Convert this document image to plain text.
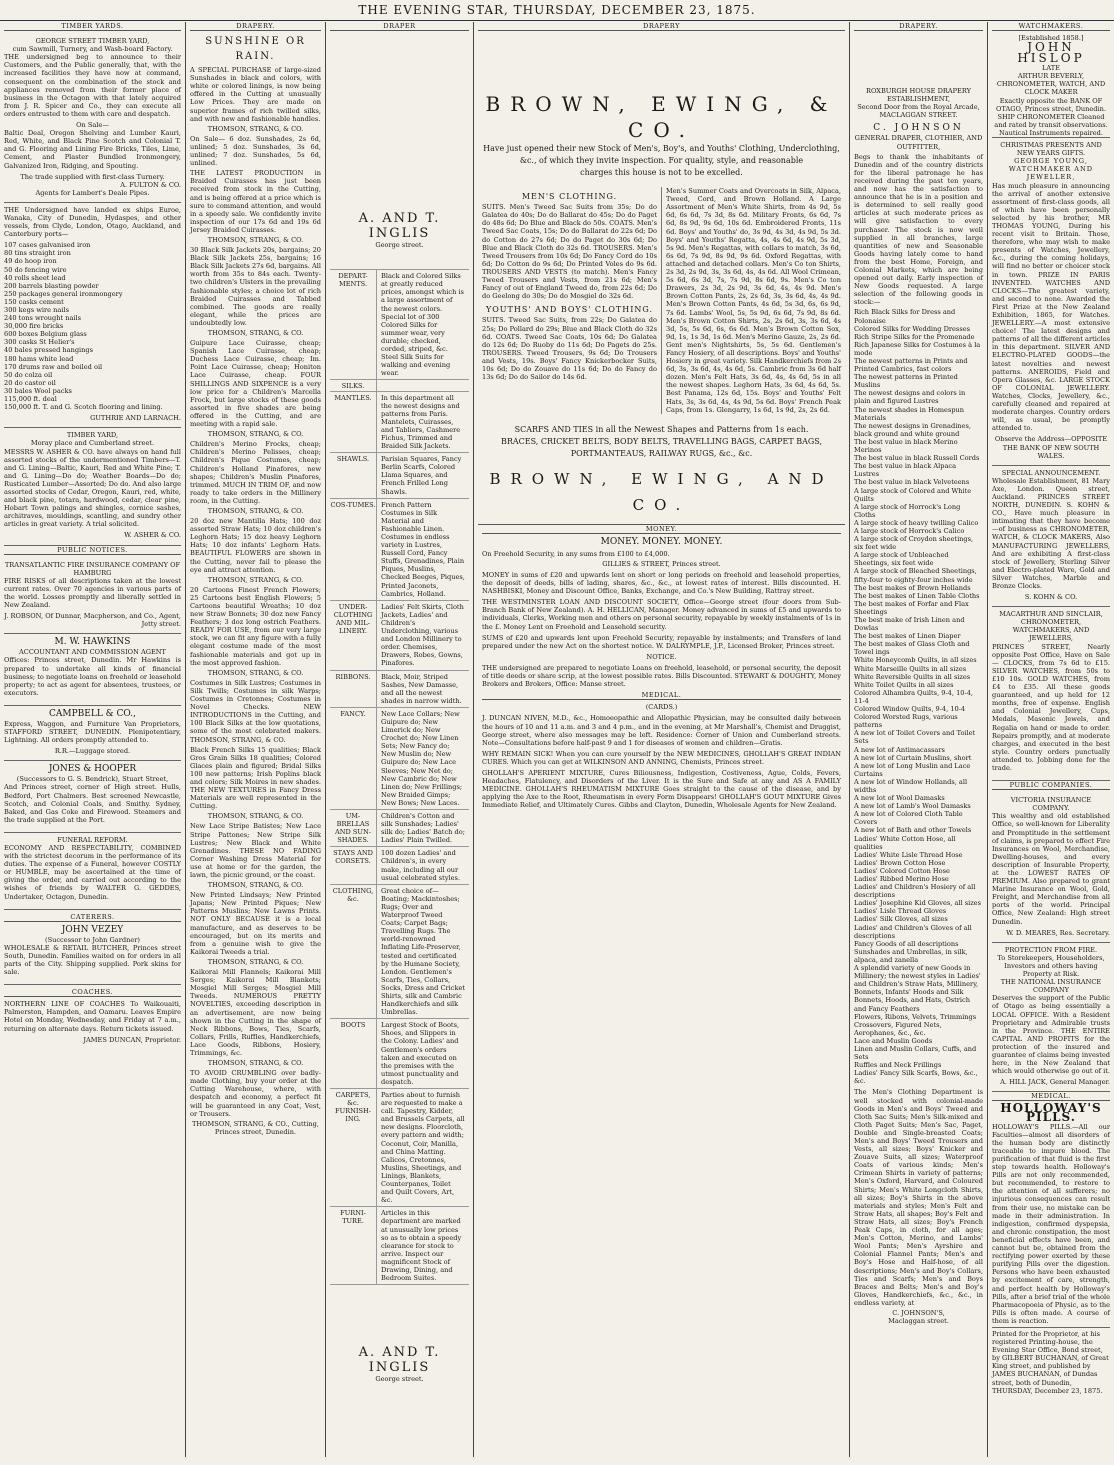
THE EVENING STAR, THURSDAY, DECEMBER 23, 1875.
TIMBER YARDS.
GEORGE STREET TIMBER YARD,
cum Sawmill, Turnery, and Wash-board Factory.

THE undersigned beg to announce to their Customers, and the Public generally, that, with the increased facilities they have now at command, consequent on the combination of the stock and appliances removed from their former place of business in the Octagon with that lately acquired from J. R. Spicer and Co., they can execute all orders entrusted to them with care and despatch.

On Sale—

Baltic Deal, Oregon Shelving and Lumber Kauri, Red, White, and Black Pine Scotch and Colonial T. and G. Flooring and Lining Fire Bricks, Tiles, Lime, Cement, and Plaster Bundled Ironmongery, Galvanized Iron, Ridging, and Spouting.

The trade supplied with first-class Turnery.
A. FULTON & CO.
Agents for Lambert's Deale Pipes.

THE Undersigned have landed ex ships Euroe, Wanaka, City of Dunedin, Hydaspes, and other vessels, from Clyde, London, Otago, Auckland, and Canterbury ports—

107 cases galvanised iron
80 tins straight iron
49 do hoop iron
50 do fencing wire
40 rolls sheet lead
200 barrels blasting powder
250 packages general ironmongery
150 casks cement
300 kegs wire nails
240 tons wrought nails
30,000 fire bricks
600 boxes Belgium glass
300 casks St Helier's
40 bales pressed hangings
180 hams white lead
170 drums raw and boiled oil
50 do colza oil
20 do castor oil
30 bales Wool packs
115,000 ft. deal
150,000 ft. T. and G. Scotch flooring and lining.
GUTHRIE AND LARNACH.
TIMBER YARD,
Moray place and Cumberland street.

MESSRS W. ASHER & CO. have always on hand full assorted stocks of the undermentioned Timbers—T. and G. Lining—Baltic, Kauri, Red and White Pine; T. and G. Lining—Do do; Weather Boards—Do do; Rusticated Lumber—Assorted; Do do. And also large assorted stocks of Cedar, Oregon, Kauri, red, white, and black pine, totara, hardwood, cedar, clear pine, Hobart Town palings and shingles, cornice sashes, architraves, mouldings, scantling, and sundry other articles in great variety. A trial solicited.

W. ASHER & CO.
PUBLIC NOTICES.
TRANSATLANTIC FIRE INSURANCE COMPANY OF HAMBURG

FIRE RISKS of all descriptions taken at the lowest current rates. Over 70 agencies in various parts of the world. Losses promptly and liberally settled in New Zealand.

J. ROBSON, Of Dunnar, Macpherson, and Co., Agent, Jetty street.
M. W. HAWKINS
ACCOUNTANT AND COMMISSION AGENT

Offices: Princes street, Dunedin. Mr Hawkins is prepared to undertake all kinds of financial business; to negotiate loans on freehold or leasehold property; to act as agent for absentees, trustees, or executors.

CAMPBELL & CO.,

Express, Waggon, and Furniture Van Proprietors, STAFFORD STREET, DUNEDIN. Plenipotentiary, Lightning. All orders promptly attended to.

R.R.—Luggage stored.
JONES & HOOPER
(Successors to G. S. Bendrick), Stuart Street,

And Princes street, corner of High street. Hulls, Bedford, Port Chalmers. Best screened Newcastle, Scotch, and Colonial Coals, and Smithy. Sydney, Baked, and Gas Coke and Firewood. Steamers and the trade supplied at the Port.

FUNERAL REFORM.

ECONOMY AND RESPECTABILITY, COMBINED with the strictest decorum in the performance of its duties. The expense of a Funeral, however COSTLY or HUMBLE, may be ascertained at the time of giving the order, and carried out according to the wishes of friends by WALTER G. GEDDES, Undertaker, Octagon, Dunedin.

CATERERS.
JOHN VEZEY
(Successor to John Gardner)

WHOLESALE & RETAIL BUTCHER, Princes street South, Dunedin. Families waited on for orders in all parts of the City. Shipping supplied. Pork skins for sale.

COACHES.

NORTHERN LINE OF COACHES To Waikouaiti, Palmerston, Hampden, and Oamaru. Leaves Empire Hotel on Monday, Wednesday, and Friday at 7 a.m., returning on alternate days. Return tickets issued.

JAMES DUNCAN, Proprietor.
DRAPERY.
SUNSHINE OR RAIN.

A SPECIAL PURCHASE of large-sized Sunshades in black and colors, with white or colored linings, is now being offered in the Cutting at unusually Low Prices. They are made on superior frames of rich twilled silks, and with new and fashionable handles.

THOMSON, STRANG, & CO.

On Sale— 6 doz. Sunshades, 2s 6d, unlined; 5 doz. Sunshades, 3s 6d, unlined; 7 doz. Sunshades, 5s 6d, unlined.

THE LATEST PRODUCTION in Braided Cuirasses has just been received from stock in the Cutting, and is being offered at a price which is sure to command attention, and would in a speedy sale. We confidently invite inspection of our 17s 6d and 19s 6d Jersey Braided Cuirasses.

THOMSON, STRANG, & CO.

30 Black Silk Jackets 20s, bargains; 20 Black Silk Jackets 25s, bargains; 16 Black Silk Jackets 27s 6d, bargains. All worth from 35s to 84s each. Twenty-two children's Ulsters in the prevailing fashionable styles; a choice lot of rich Braided Cuirasses and Tabbed combined. The goods are really elegant, while the prices are undoubtedly low.

THOMSON, STRANG, & CO.

Guipure Lace Cuirasse, cheap; Spanish Lace Cuirasse, cheap; Duchess Lace Cuirasse, cheap; Im. Point Lace Cuirasse, cheap; Honiton Lace Cuirasse, cheap. FOUR SHILLINGS AND SIXPENCE is a very low price for a Children's Marcella Frock, but large stocks of these goods assorted in five shades are being offered in the Cutting, and are meeting with a rapid sale.

THOMSON, STRANG, & CO.

Children's Merino Frocks, cheap; Children's Merino Pelisses, cheap; Children's Pique Costumes, cheap; Children's Holland Pinafores, new shapes; Children's Muslin Pinafores, trimmed. MUCH IN TRIM OF, and now ready to take orders in the Millinery room, in the Cutting.

THOMSON, STRANG, & CO.

20 doz new Mantilla Hats; 100 doz assorted Straw Hats; 10 doz children's Leghorn Hats; 15 doz heavy Leghorn Hats; 10 doz infants' Leghorn Hats. BEAUTIFUL FLOWERS are shown in the Cutting, never fail to please the eye and attract attention.

THOMSON, STRANG, & CO.

20 Cartoons Finest French Flowers; 25 Cartoons best English Flowers; 5 Cartoons beautiful Wreaths; 10 doz new Straw Bonnets; 30 doz new Fancy Feathers; 3 doz long ostrich Feathers. READY FOR USE, from our very large stock, we can fit any figure with a fully elegant costume made of the most fashionable materials and got up in the most approved fashion.

THOMSON, STRANG, & CO.

Costumes in Silk Lustres; Costumes in Silk Twills; Costumes in silk Warps; Costumes in Cretonnes; Costumes in Novel Checks. NEW INTRODUCTIONS in the Cutting, and 100 Black Silks at the low quotations, some of the most celebrated makers. THOMSON, STRANG, & CO.

Black French Silks 15 qualities; Black Gros Grain Silks 18 qualities; Colored Glaces plain and figured; Bridal Silks 100 new patterns; Irish Poplins black and colors; Silk Moires in new shades. THE NEW TEXTURES in Fancy Dress Materials are well represented in the Cutting.

THOMSON, STRANG, & CO.

New Lace Stripe Batistes; New Lace Stripe Pattones; New Stripe Silk Lustres; New Black and White Grenadines. THESE NO FADING Corner Washing Dress Material for use at home or for the garden, the lawn, the picnic ground, or the coast.

THOMSON, STRANG, & CO.

New Printed Lindsays; New Printed Japans; New Printed Piques; New Patterns Muslins; New Lawns Prints. NOT ONLY BECAUSE it is a local manufacture, and as deserves to be encouraged, but on its merits and from a genuine wish to give the Kaikorai Tweeds a trial.

THOMSON, STRANG, & CO.

Kaikorai Mill Flannels; Kaikorai Mill Serges; Kaikorai Mill Blankets; Mosgiel Mill Serges; Mosgiel Mill Tweeds. NUMEROUS PRETTY NOVELTIES, exceeding description in an advertisement, are now being shown in the Cutting in the shape of Neck Ribbons, Bows, Ties, Scarfs, Collars, Frills, Ruffles, Handkerchiefs, Lace Goods, Ribbons, Hosiery, Trimmings, &c.

THOMSON, STRANG, & CO.

TO AVOID CRUMBLING over badly-made Clothing, buy your order at the Cutting Warehouse, where, with despatch and economy, a perfect fit will be guaranteed in any Coat, Vest, or Trousers.

THOMSON, STRANG, & CO., Cutting, Princes street, Dunedin.
DRAPER
A. AND T. INGLIS
George street.
DEPART-MENTS.
Black and Colored Silks at greatly reduced prices, amongst which is a large assortment of the newest colors. Special lot of 300 Colored Silks for summer wear, very durable; checked, corded, striped, &c. Steel Silk Suits for walking and evening wear.
SILKS.
MANTLES.	In this department all the newest designs and patterns from Paris. Mantelets, Cuirasses, and Tabliers, Cashmere Fichus, Trimmed and Braided Silk Jackets.
SHAWLS.	Parisian Squares, Fancy Berlin Scarfs, Colored Llama Squares, and French Frilled Long Shawls.
COS-TUMES. French Pattern Costumes in Silk Material and Fashionable Linen. Costumes in endless variety in Lustres, Russell Cord, Fancy Stuffs, Grenadines, Plain Piques, Muslins, Checked Beeges, Piques, Printed Jaconets, Cambrics, Holland.
UNDER-CLOTHING AND MIL-LINERY.
Ladies' Felt Skirts, Cloth Jackets, Ladies' and Children's Underclothing, various and London Millinery to order. Chemises, Drawers, Robes, Gowns, Pinafores.
RIBBONS.	Black, Moir, Striped Sashes, New Damasse, and all the newest shades in narrow width.
FANCY.	New Lace Collars; New Guipure do; New Limerick do; New Crochet do; New Linen Sets; New Fancy do; New Muslin do; New Guipure do; New Lace Sleeves; New Net do; New Cambric do; New Linen do; New Frillings; New Braided Gimps; New Bows; New Laces.
UM-BRELLAS AND SUN-SHADES.
Children's Cotton and silk Sunshades; Ladies' silk do; Ladies' Batch do; Ladies' Plain Twilled.
STAYS AND CORSETS.
100 dozen Ladies' and Children's, in every make, including all our usual celebrated styles.
CLOTHING, &c.
Great choice of—Boating; Mackintoshes; Rugs; Over and Waterproof Tweed Coats; Carpet Bags; Travelling Rugs. The world-renowned Inflating Life-Preserver, tested and certificated by the Humane Society, London. Gentlemen's Scarfs, Ties, Collars, Socks, Dress and Cricket Shirts, silk and Cambric Handkerchiefs and silk Umbrellas.
BOOTS	Largest Stock of Boots, Shoes, and Slippers in the Colony. Ladies' and Gentlemen's orders taken and executed on the premises with the utmost punctuality and despatch.
CARPETS, &c. FURNISH-ING.
Parties about to furnish are requested to make a call. Tapestry, Kidder, and Brussels Carpets, all new designs. Floorcloth, every pattern and width; Coconut, Coir, Manilla, and China Matting. Calicos, Cretonnes, Muslins, Sheetings, and Linings, Blankets, Counterpanes, Toilet and Quilt Covers, Art, &c.
FURNI-TURE.
Articles in this department are marked at unusually low prices so as to obtain a speedy clearance for stock to arrive. Inspect our magnificent Stock of Drawing, Dining, and Bedroom Suites.
A. AND T. INGLIS
George street.
DRAPERY
BROWN, EWING, & CO.
Have just opened their new Stock of Men's, Boy's, and Youths' Clothing, Underclothing,
&c., of which they invite inspection. For quality, style, and reasonable
charges this house is not to be excelled.
MEN'S CLOTHING.

SUITS. Men's Tweed Sac Suits from 35s; Do do Galatea do 40s; Do do Ballarat do 45s; Do do Paget do 48s 6d; Do Blue and Black do 50s. COATS. Men's Tweed Sac Coats, 15s; Do do Ballarat do 22s 6d; Do do Cotton do 27s 6d; Do do Paget do 30s 6d; Do Blue and Black Cloth do 32s 6d. TROUSERS. Men's Tweed Trousers from 10s 6d; Do Fancy Cord do 10s 6d; Do Cotton do 9s 6d; Do Printed Voles do 9s 6d. TROUSERS AND VESTS (to match). Men's Fancy Tweed Trousers and Vests, from 21s 6d; Men's Fancy of out of England Tweed do, from 22s 6d; Do do Geelong do 30s; Do do Mosgiel do 32s 6d.

YOUTHS' AND BOYS' CLOTHING.

SUITS. Tweed Sac Suits, from 22s; Do Galatea do 25s; Do Pollard do 29s; Blue and Black Cloth do 32s 6d. COATS. Tweed Sac Coats, 10s 6d; Do Galatea do 12s 6d; Do Ruoby do 11s 6d; Do Pagets do 25s. TROUSERS. Tweed Trousers, 9s 6d; Do Trousers and Vests, 19s. Boys' Fancy Knickerbocker Suits, 10s 6d; Do do Zouave do 11s 6d; Do do Fancy do 13s 6d; Do do Sailor do 14s 6d.

Men's Summer Coats and Overcoats in Silk, Alpaca, Tweed, Cord, and Brown Holland. A Large Assortment of Men's White Shirts, from 4s 9d, 5s 6d, 6s 6d, 7s 3d, 8s 6d. Military Fronts, 6s 6d, 7s 6d, 8s 9d, 9s 6d, 10s 6d. Embroidered Fronts, 11s 6d. Boys' and Youths' do, 3s 9d, 4s 3d, 4s 9d, 5s 3d. Boys' and Youths' Regatta, 4s, 4s 6d, 4s 9d, 5s 3d, 5s 9d. Men's Regattas, with collars to match, 3s 6d, 6s 6d, 7s 9d, 8s 9d, 9s 6d. Oxford Regattas, with attached and detached collars. Men's Co ton Shirts, 2s 3d, 2s 9d, 3s, 3s 6d, 4s, 4s 6d. All Wool Crimean, 5s 6d, 6s 3d, 7s, 7s 9d, 8s 6d, 9s. Men's Co ton Drawers, 2s 3d, 2s 9d, 3s 6d, 4s, 4s 9d. Men's Brown Cotton Pants, 2s, 2s 6d, 3s, 3s 6d, 4s, 4s 9d. Men's Brown Cotton Pants, 4s 6d, 5s 3d, 6s, 6s 9d, 7s 6d. Lambs' Wool, 5s, 5s 9d, 6s 6d, 7s 9d, 8s 6d. Men's Brown Cotton Shirts, 2s, 2s 6d, 3s, 3s 6d, 4s 3d, 5s, 5s 6d, 6s, 6s 6d. Men's Brown Cotton Sox, 9d, 1s, 1s 3d, 1s 6d. Men's Merino Gauze, 2s, 2s 6d. Gent men's Nightshirts, 5s, 5s 6d. Gentlemen's Fancy Hosiery, of all descriptions. Boys' and Youths' Hosiery in great variety. Silk Handkerchiefs from 2s 6d, 3s, 3s 6d, 4s, 4s 6d, 5s. Cambric from 3s 6d half dozen. Men's Felt Hats, 3s 6d, 4s, 4s 6d, 5s in all the newest shapes. Leghorn Hats, 3s 6d, 4s 6d, 5s. Best Panama, 12s 6d, 15s. Boys' and Youths' Felt Hats, 3s, 3s 6d, 4s, 4s 9d, 5s 6d. Boys' French Peak Caps, from 1s. Glengarry, 1s 6d, 1s 9d, 2s, 2s 6d.

SCARFS AND TIES in all the Newest Shapes and Patterns from 1s each.
BRACES, CRICKET BELTS, BODY BELTS, TRAVELLING BAGS, CARPET BAGS, PORTMANTEAUS, RAILWAY RUGS, &c., &c.
BROWN, EWING, AND CO.
MONEY.
MONEY. MONEY. MONEY.

On Freehold Security, in any sums from £100 to £4,000.

GILLIES & STREET, Princes street.

MONEY in sums of £20 and upwards lent on short or long periods on freehold and leasehold properties, the deposit of deeds, bills of lading, shares, &c., &c., at lowest rates of interest. Bills discounted. H. NASHBISKI, Money and Discount Office, Banks, Exchange, and Co.'s New Building, Rattray street.

THE WESTMINSTER LOAN AND DISCOUNT SOCIETY, Office—George street (four doors from Sub-Branch Bank of New Zealand). A. H. HELLICAN, Manager. Money advanced in sums of £5 and upwards to individuals, Clerks, Working men and others on personal security, repayable by weekly instalments of 1s in the £. Money Lent on Freehold and Leasehold security.

SUMS of £20 and upwards lent upon Freehold Security, repayable by instalments; and Transfers of land prepared under the new Act on the shortest notice. W. DALRYMPLE, J.P., Licensed Broker, Princes street.

NOTICE.

THE undersigned are prepared to negotiate Loans on freehold, leasehold, or personal security, the deposit of title deeds or share scrip, at the lowest possible rates. Bills Discounted. STEWART & DOUGHTY, Money Brokers and Brokers, Office: Manse street.

MEDICAL.
(CARDS.)

J. DUNCAN NIVEN, M.D., &c., Homoeopathic and Allopathic Physician, may be consulted daily between the hours of 10 and 11 a.m. and 3 and 4 p.m., and in the evening, at Mr Marshall's, Chemist and Druggist, George street, where also messages may be left. Residence: Corner of Union and Cumberland streets. Note—Consultations before half-past 9 and 1 for diseases of women and children—Gratis.

WHY REMAIN SICK! When you can cure yourself by the NEW MEDICINES, GHOLLAH'S GREAT INDIAN CURES. Which you can get at WILKINSON AND ANNING, Chemists, Princes street.

GHOLLAH'S APERIENT MIXTURE, Cures Biliousness, Indigestion, Costiveness, Ague, Colds, Fevers, Headaches, Flatulency, and Disorders of the Liver. It is the Sure and Safe at any and AS A FAMILY MEDICINE. GHOLLAH'S RHEUMATISM MIXTURE Goes straight to the cause of the disease, and by applying the Axe to the Root, Rheumatism in every Form Disappears! GHOLLAH'S GOUT MIXTURE Gives Immediate Relief, and Ultimately Cures. Gibbs and Clayton, Dunedin, Wholesale Agents for New Zealand.

DRAPERY.
ROXBURGH HOUSE DRAPERY ESTABLISHMENT,
Second Door from the Royal Arcade, MACLAGGAN STREET.
C. JOHNSON
GENERAL DRAPER, CLOTHIER, AND OUTFITTER,

Begs to thank the inhabitants of Dunedin and of the country districts for the liberal patronage he has received during the past ten years, and now has the satisfaction to announce that he is in a position and is determined to sell really good articles at such moderate prices as will give satisfaction to every purchaser. The stock is now well supplied in all branches, large quantities of new and Seasonable Goods having lately come to hand from the best Home, Foreign, and Colonial Markets, which are being opened out daily. Early inspection of New Goods requested. A large selection of the following goods in stock:—

Rich Black Silks for Dress and Polonaise
Colored Silks for Wedding Dresses
Rich Stripe Silks for the Promenade
Rich Japanese Silks for Costumes à la mode
The newest patterns in Prints and Printed Cambrics, fast colors
The newest patterns in Printed Muslins
The newest designs and colors in plain and figured Lustres
The newest shades in Homespun Materials
The newest designs in Grenadines, black ground and white ground
The best value in black Merino Merinos
The best value in black Russell Cords
The best value in black Alpaca Lustres
The best value in black Velveteens
A large stock of Colored and White Quilts
A large stock of Horrock's Long Cloths
A large stock of heavy twilling Calico
A large stock of Horrock's Calico
A large stock of Croydon sheetings, six feet wide
A large stock of Unbleached Sheetings, six feet wide
A large stock of Bleached Sheetings, fifty-four to eighty-four inches wide
The best makes of Brown Hollands
The best makes of Linen Table Cloths
The best makes of Forfar and Flax Sheetings
The best make of Irish Linen and Dowlas
The best makes of Linen Diaper
The best makes of Glass Cloth and Towel ings
White Honeycomb Quilts, in all sizes
White Marseille Quilts in all sizes
White Reversible Quilts in all sizes
White Toilet Quilts in all sizes
Colored Alhambra Quilts, 9-4, 10-4, 11-4
Colored Window Quilts, 9-4, 10-4
Colored Worsted Rugs, various patterns
A new lot of Toilet Covers and Toilet Sets
A new lot of Antimacassars
A new lot of Curtain Muslins, short
A new lot of Long Muslin and Lace Curtains
A new lot of Window Hollands, all widths
A new lot of Wool Damasks
A new lot of Lamb's Wool Damasks
A new lot of Colored Cloth Table Covers
A new lot of Bath and other Towels
Ladies' White Cotton Hose, all qualities
Ladies' White Lisle Thread Hose
Ladies' Brown Cotton Hose
Ladies' Colored Cotton Hose
Ladies' Ribbed Merino Hose
Ladies' and Children's Hosiery of all descriptions
Ladies' Josephine Kid Gloves, all sizes
Ladies' Lisle Thread Gloves
Ladies' Silk Gloves, all sizes
Ladies' and Children's Gloves of all descriptions
Fancy Goods of all descriptions
Sunshades and Umbrellas, in silk, alpaca, and zanella
A splendid variety of new Goods in Millinery; the newest styles in Ladies' and Children's Straw Hats, Millinery, Bonnets, Infants' Hoods and Silk Bonnets, Hoods, and Hats, Ostrich and Fancy Feathers
Flowers, Ribons, Velvets, Trimmings
Crossovers, Figured Nets, Aerophanes, &c., &c.
Lace and Muslin Goods
Linen and Muslin Collars, Cuffs, and Sets
Ruffles and Neck Frillings
Ladies' Fancy Silk Scarfs, Bows, &c., &c.

The Men's Clothing Department is well stocked with colonial-made Goods in Men's and Boys' Tweed and Cloth Sac Suits; Men's Silk-mixed and Cloth Paget Suits; Men's Sac, Paget, Double and Single-breasted Coats; Men's and Boys' Tweed Trousers and Vests, all sizes; Boys' Knicker and Zouave Suits, all sizes; Waterproof Coats of various kinds; Men's Crimean Shirts in variety of patterns; Men's Oxford, Harvard, and Coloured Shirts; Men's White Longcloth Shirts, all sizes; Boy's Shirts in the above materials and styles; Men's Felt and Straw Hats, all shapes; Boy's Felt and Straw Hats, all sizes; Boy's French Peak Caps, in cloth, for all ages; Men's Cotton, Merino, and Lambs' Wool Pants; Men's Ayrshire and Colonial Flannel Pants; Men's and Boy's Hose and Half-hose, of all descriptions; Men's and Boy's Collars, Ties and Scarfs; Men's and Boys Braces and Belts; Men's and Boy's Gloves, Handkerchiefs, &c., &c., in endless variety, at

C. JOHNSON'S,
Maclaggan street.
WATCHMAKERS.
[Established 1858.]
JOHN HISLOP
LATE
ARTHUR BEVERLY, CHRONOMETER, WATCH, AND CLOCK MAKER
Exactly opposite the BANK OF OTAGO, Princes street, Dunedin.
SHIP CHRONOMETER Cleaned and rated by transit observations. Nautical Instruments repaired.
CHRISTMAS PRESENTS AND NEW YEARS GIFTS.
GEORGE YOUNG, WATCHMAKER AND JEWELLER,

Has much pleasure in announcing the arrival of another extensive assortment of first-class goods, all of which have been personally selected by his brother, MR THOMAS YOUNG, During his recent visit to Britain. Those, therefore, who may wish to make presents of Watches, Jewellery, &c., during the coming holidays, will find no better or choicer stock in town. PRIZE IN PARIS INVENTED. WATCHES AND CLOCKS—The greatest variety, and second to none. Awarded the First Prize at the New Zealand Exhibition, 1865, for Watches. JEWELLERY.—A most extensive choice! The latest designs and patterns of all the different articles in this department. SILVER AND ELECTRO-PLATED GOODS—the latest novelties and newest patterns. ANEROIDS, Field and Opera Glasses, &c. LARGE STOCK OF COLONIAL JEWELLERY. Watches, Clocks, Jewellery, &c., carefully cleaned and repaired at moderate charges. Country orders will, as usual, be promptly attended to.

Observe the Address—OPPOSITE THE BANK OF NEW SOUTH WALES.
SPECIAL ANNOUNCEMENT.

Wholesale Establishment, 81 Mary Axe, London. Queen street, Auckland. PRINCES STREET NORTH, DUNEDIN. S. KOHN & CO., Have much pleasure in intimating that they have become—of business as CHRONOMETER, WATCH, & CLOCK MAKERS, Also MANUFACTURING JEWELLERS, And are exhibiting A first-class stock of Jewellery, Sterling Silver and Electro-plated Ware, Gold and Silver Watches, Marble and Bronze Clocks.

S. KOHN & CO.
MACARTHUR AND SINCLAIR, CHRONOMETER, WATCHMAKERS, AND JEWELLERS,

PRINCES STREET, Nearly opposite Post Office, Have on Sale— CLOCKS, from 7s 6d to £15. SILVER WATCHES, from 50s to £10 10s. GOLD WATCHES, from £4 to £35. All these goods guaranteed, and up held for 12 months, free of expense. English and Colonial Jewellery, Cups, Medals, Masonic Jewels, and Regalia on hand or made to order. Repairs promptly, and at moderate charges, and executed in the best style. Country orders punctually attended to. Jobbing done for the trade.

PUBLIC COMPANIES.
VICTORIA INSURANCE COMPANY.

This wealthy and old established Office, so well-known for Liberality and Promptitude in the settlement of claims, is prepared to effect Fire Insurances on Wool, Merchandise, Dwelling-houses, and every description of Insurable Property, at the LOWEST RATES OF PREMIUM. Also prepared to grant Marine Insurance on Wool, Gold, Freight, and Merchandise from all ports of the world. Principal Office, New Zealand: High street Dunedin.

W. D. MEARES, Res. Secretary.
PROTECTION FROM FIRE.
To Storekeepers, Householders, Investors and others having Property at Risk.
THE NATIONAL INSURANCE COMPANY

Deserves the support of the Public of Otago as being essentially a LOCAL OFFICE. With a Resident Proprietary and Admirable trusts in the Province. THE ENTIRE CAPITAL AND PROFITS for the protection of the insured and guarantee of claims being invested here, in the New Zealand that which would otherwise go out of it.

A. HILL JACK, General Manager.
MEDICAL.
HOLLOWAY'S PILLS.

HOLLOWAY'S PILLS.—All our Faculties—almost all disorders of the human body are distinctly traceable to impure blood. The purification of that fluid is the first step towards health. Holloway's Pills are not only recommended, but recommended, to restore to the attention of all sufferers; no injurious consequences can result from their use, no mistake can be made in their administration. In indigestion, confirmed dyspepsia, and chronic constipation, the most beneficial effects have been, and cannot but be, obtained from the rectifying power exerted by these purifying Pills over the digestion. Persons who have been exhausted by excitement of care, strength, and perfect health by Holloway's Pills, after a brief trial of the whole Pharmacopoeia of Physic, as to the Pills is often made. A course of them is reaction.

Printed for the Proprietor, at his registered Printing-house, the Evening Star Office, Bond street, by GILBERT BUCHANAN, of Great King street, and published by JAMES BUCHANAN, of Dundas street, both of Dunedin, THURSDAY, December 23, 1875.
